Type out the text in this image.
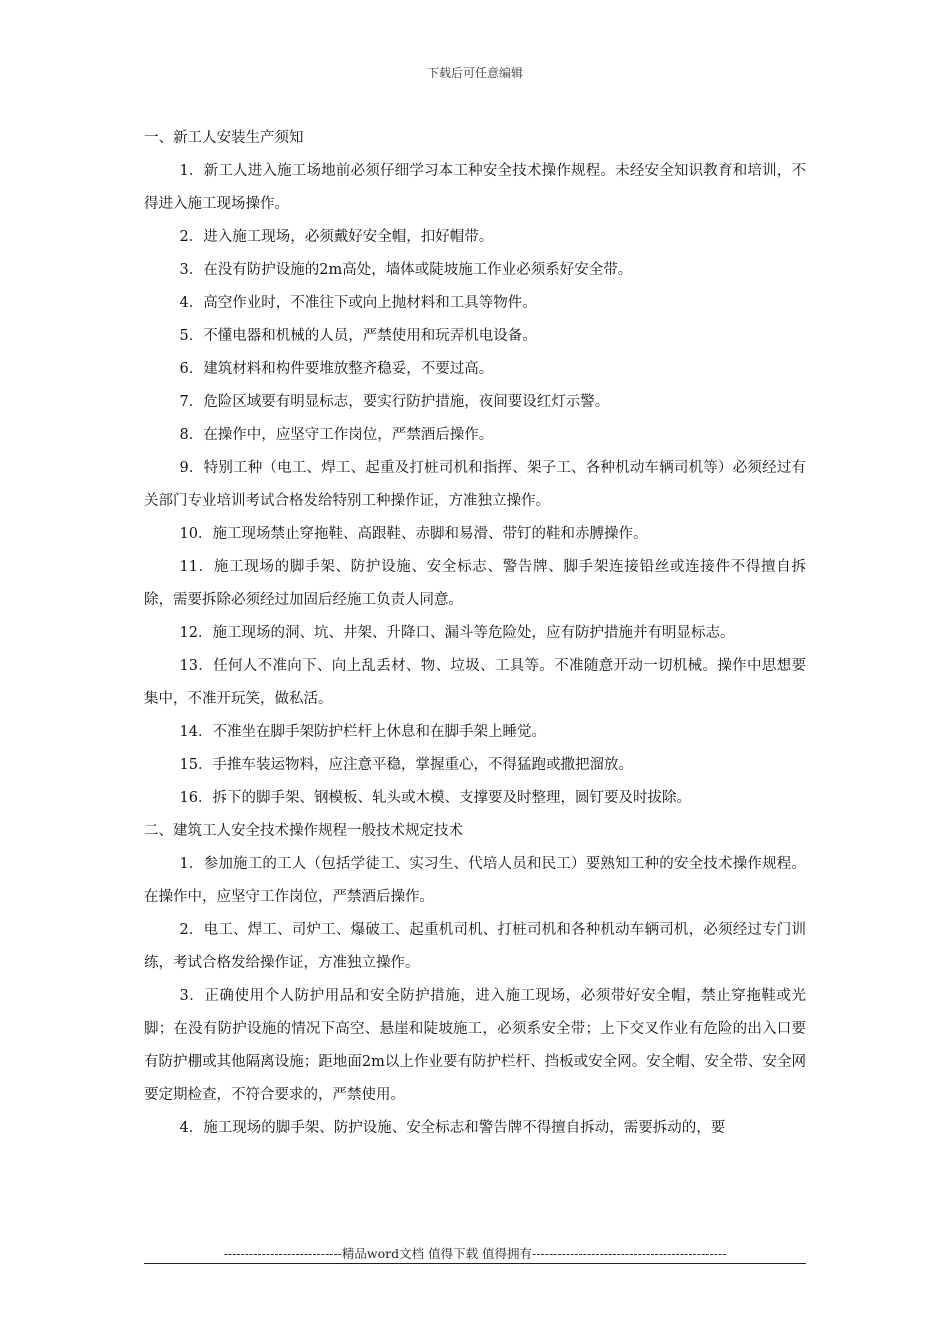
下载后可任意编辑

一、新工人安装生产须知

1．新工人进入施工场地前必须仔细学习本工种安全技术操作规程。未经安全知识教育和培训，不得进入施工现场操作。

2．进入施工现场，必须戴好安全帽，扣好帽带。

3．在没有防护设施的2m高处，墙体或陡坡施工作业必须系好安全带。

4．高空作业时，不准往下或向上抛材料和工具等物件。

5．不懂电器和机械的人员，严禁使用和玩弄机电设备。

6．建筑材料和构件要堆放整齐稳妥，不要过高。

7．危险区域要有明显标志，要实行防护措施，夜间要设红灯示警。

8．在操作中，应坚守工作岗位，严禁酒后操作。

9．特别工种（电工、焊工、起重及打桩司机和指挥、架子工、各种机动车辆司机等）必须经过有关部门专业培训考试合格发给特别工种操作证，方准独立操作。

10．施工现场禁止穿拖鞋、高跟鞋、赤脚和易滑、带钉的鞋和赤膊操作。

11．施工现场的脚手架、防护设施、安全标志、警告牌、脚手架连接铅丝或连接件不得擅自拆除，需要拆除必须经过加固后经施工负责人同意。

12．施工现场的洞、坑、井架、升降口、漏斗等危险处，应有防护措施并有明显标志。

13．任何人不准向下、向上乱丢材、物、垃圾、工具等。不准随意开动一切机械。操作中思想要集中，不准开玩笑，做私活。

14．不准坐在脚手架防护栏杆上休息和在脚手架上睡觉。

15．手推车装运物料，应注意平稳，掌握重心，不得猛跑或撒把溜放。

16．拆下的脚手架、钢模板、轧头或木模、支撑要及时整理，圆钉要及时拔除。

二、建筑工人安全技术操作规程一般技术规定技术

1．参加施工的工人（包括学徒工、实习生、代培人员和民工）要熟知工种的安全技术操作规程。在操作中，应坚守工作岗位，严禁酒后操作。

2．电工、焊工、司炉工、爆破工、起重机司机、打桩司机和各种机动车辆司机，必须经过专门训练，考试合格发给操作证，方准独立操作。

3．正确使用个人防护用品和安全防护措施，进入施工现场，必须带好安全帽，禁止穿拖鞋或光脚；在没有防护设施的情况下高空、悬崖和陡坡施工，必须系安全带；上下交叉作业有危险的出入口要有防护棚或其他隔离设施；距地面2m以上作业要有防护栏杆、挡板或安全网。安全帽、安全带、安全网要定期检查，不符合要求的，严禁使用。

4．施工现场的脚手架、防护设施、安全标志和警告牌不得擅自拆动，需要拆动的，要

----------------------------精品word文档 值得下载 值得拥有----------------------------------------------
